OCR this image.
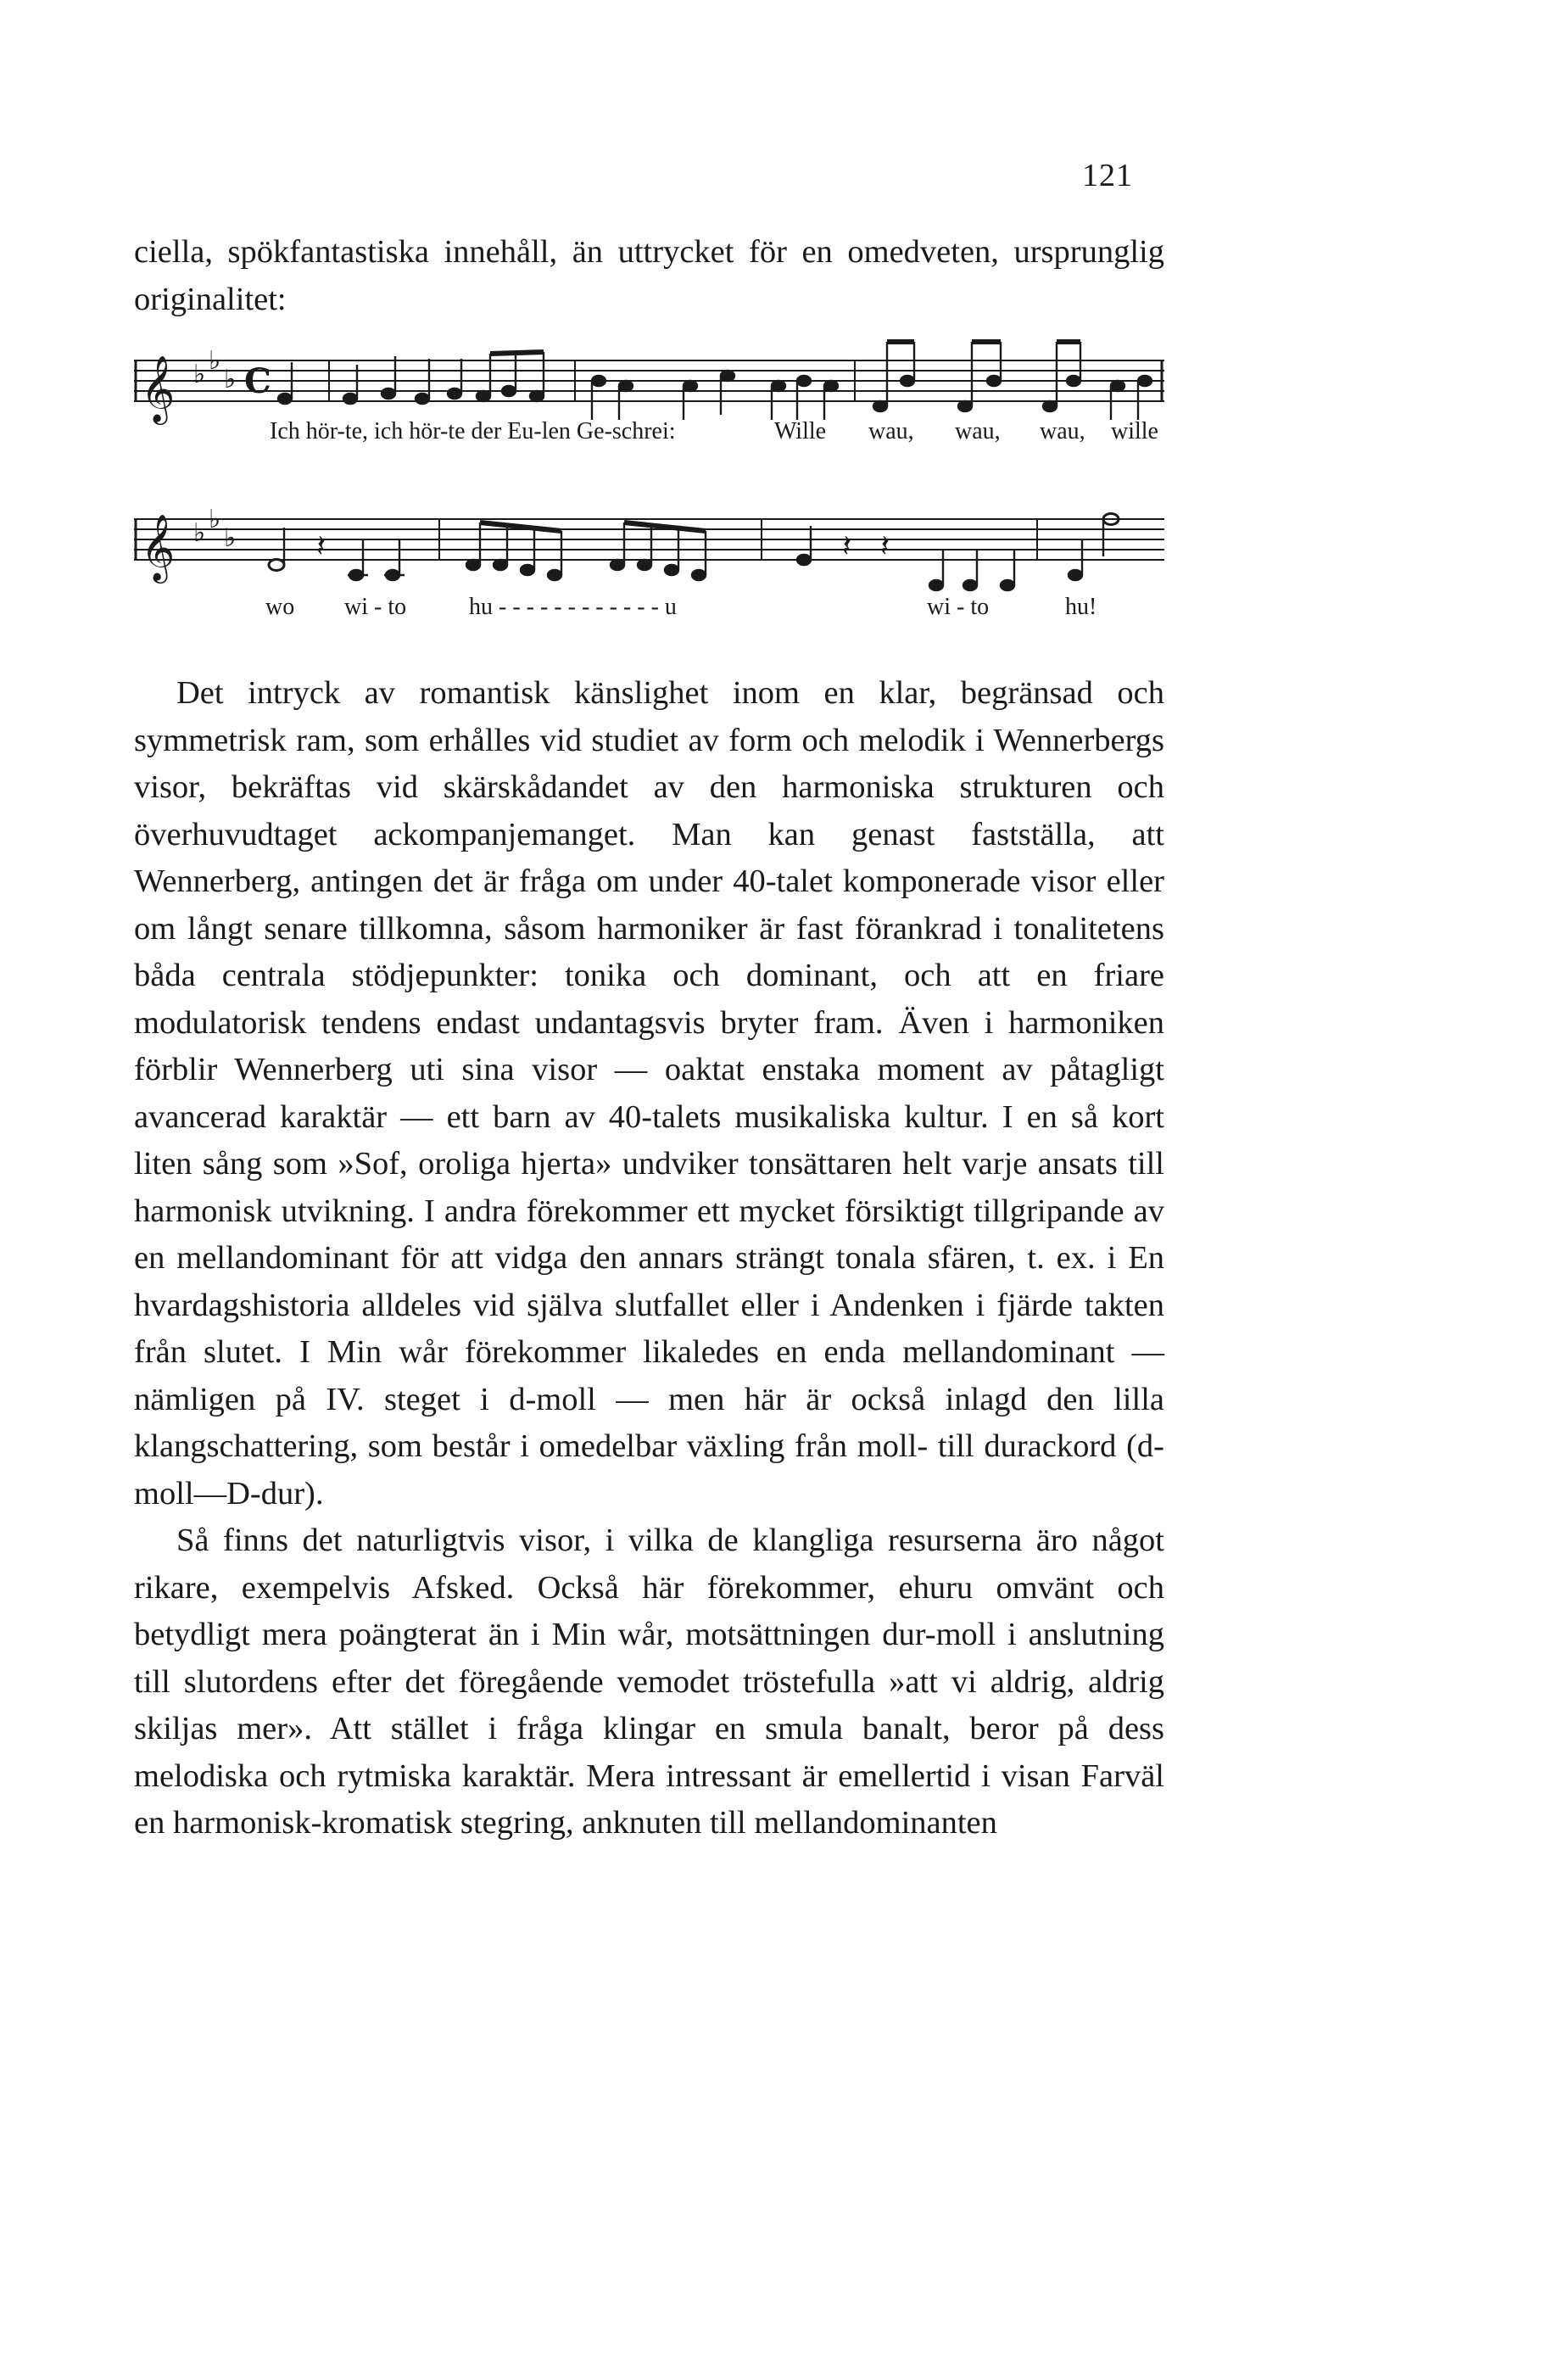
121
ciella, spökfantastiska innehåll, än uttrycket för en omedveten, ursprunglig originalitet:
𝄞 ♭ ♭
♭ C
Ich hör-te, ich hör-te der Eu-len Ge-schrei:	Wille wau, wau, wau, wille
𝄞 ♭ ♭
♭	𝄽	𝄽 𝄽
wo wi - to	hu - - - - - - - - - - - - u	wi - to	hu!

Det intryck av romantisk känslighet inom en klar, begränsad och symmetrisk ram, som erhålles vid studiet av form och melodik i Wennerbergs visor, bekräftas vid skärskådandet av den harmoniska strukturen och överhuvudtaget ackompanjemanget. Man kan genast fastställa, att Wennerberg, antingen det är fråga om under 40-talet komponerade visor eller om långt senare tillkomna, såsom harmoniker är fast förankrad i tonalitetens båda centrala stödjepunkter: tonika och dominant, och att en friare modulatorisk tendens endast undantagsvis bryter fram. Även i harmoniken förblir Wennerberg uti sina visor — oaktat enstaka moment av påtagligt avancerad karaktär — ett barn av 40-talets musikaliska kultur. I en så kort liten sång som »Sof, oroliga hjerta» undviker tonsättaren helt varje ansats till harmonisk utvikning. I andra förekommer ett mycket försiktigt tillgripande av en mellandominant för att vidga den annars strängt tonala sfären, t. ex. i En hvardagshistoria alldeles vid själva slutfallet eller i Andenken i fjärde takten från slutet. I Min wår förekommer likaledes en enda mellandominant — nämligen på IV. steget i d-moll — men här är också inlagd den lilla klangschattering, som består i omedelbar växling från moll- till durackord (d-moll—D-dur).

Så finns det naturligtvis visor, i vilka de klangliga resurserna äro något rikare, exempelvis Afsked. Också här förekommer, ehuru omvänt och betydligt mera poängterat än i Min wår, motsättningen dur-moll i anslutning till slutordens efter det föregående vemodet tröstefulla »att vi aldrig, aldrig skiljas mer». Att stället i fråga klingar en smula banalt, beror på dess melodiska och rytmiska karaktär. Mera intressant är emellertid i visan Farväl en harmonisk-kromatisk stegring, anknuten till mellandominanten
